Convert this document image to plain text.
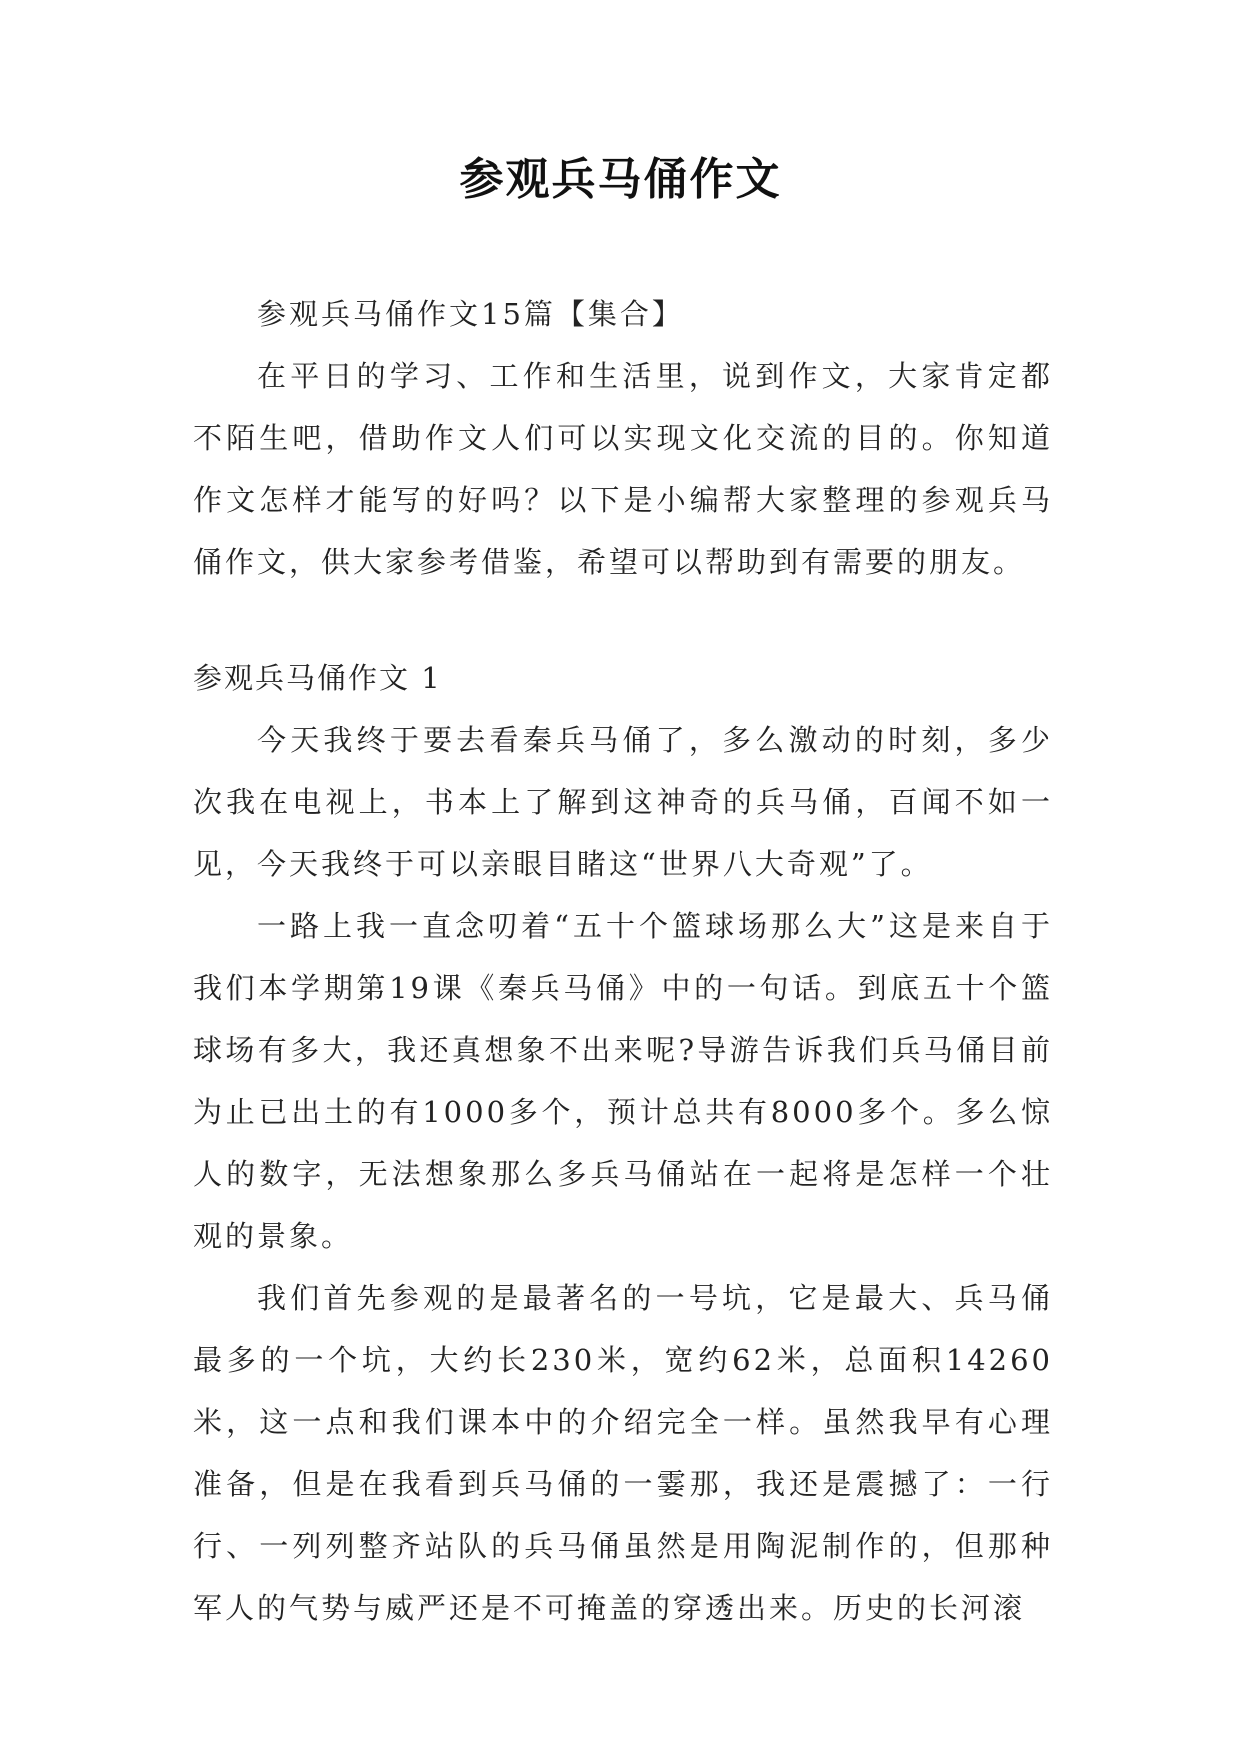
参观兵马俑作文

参观兵马俑作文15篇【集合】

在平日的学习、工作和生活里，说到作文，大家肯定都不陌生吧，借助作文人们可以实现文化交流的目的。你知道作文怎样才能写的好吗？以下是小编帮大家整理的参观兵马俑作文，供大家参考借鉴，希望可以帮助到有需要的朋友。

参观兵马俑作文 1

今天我终于要去看秦兵马俑了，多么激动的时刻，多少次我在电视上，书本上了解到这神奇的兵马俑，百闻不如一见，今天我终于可以亲眼目睹这“世界八大奇观”了。

一路上我一直念叨着“五十个篮球场那么大”这是来自于我们本学期第19课《秦兵马俑》中的一句话。到底五十个篮球场有多大，我还真想象不出来呢?导游告诉我们兵马俑目前为止已出土的有1000多个，预计总共有8000多个。多么惊人的数字，无法想象那么多兵马俑站在一起将是怎样一个壮观的景象。

我们首先参观的是最著名的一号坑，它是最大、兵马俑最多的一个坑，大约长230米，宽约62米，总面积14260米，这一点和我们课本中的介绍完全一样。虽然我早有心理准备，但是在我看到兵马俑的一霎那，我还是震撼了：一行行、一列列整齐站队的兵马俑虽然是用陶泥制作的，但那种军人的气势与威严还是不可掩盖的穿透出来。历史的长河滚
